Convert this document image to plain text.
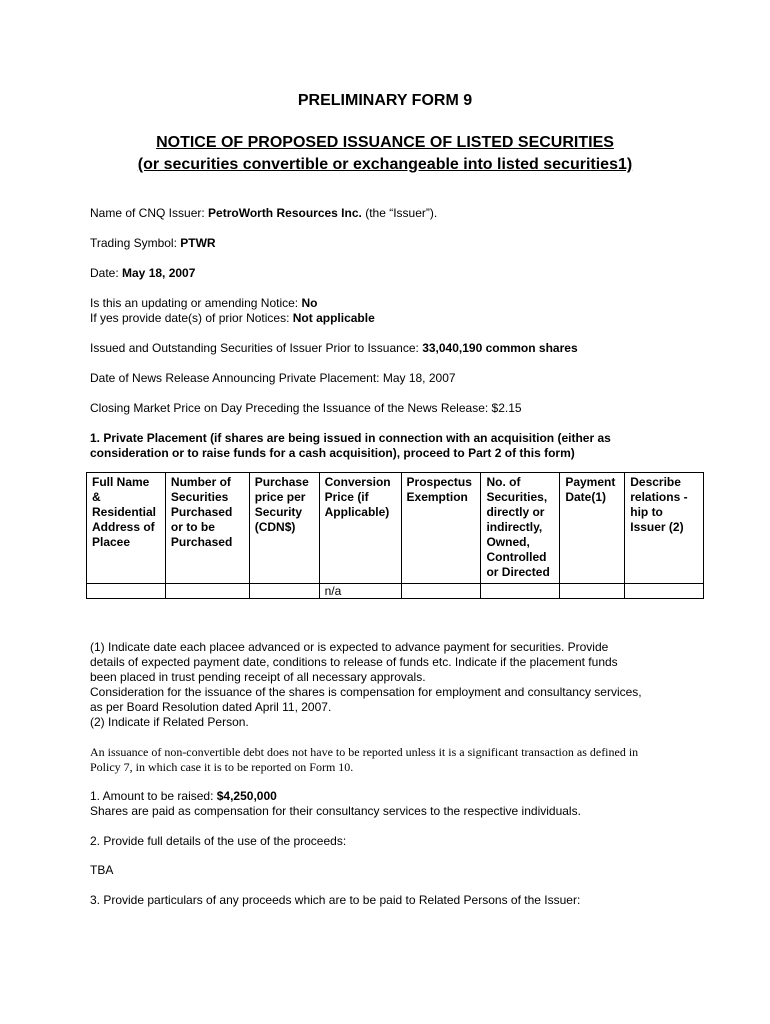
PRELIMINARY FORM 9
NOTICE OF PROPOSED ISSUANCE OF LISTED SECURITIES
(or securities convertible or exchangeable into listed securities1)
Name of CNQ Issuer: PetroWorth Resources Inc. (the “Issuer”).
Trading Symbol: PTWR
Date: May 18, 2007
Is this an updating or amending Notice: No
If yes provide date(s) of prior Notices: Not applicable
Issued and Outstanding Securities of Issuer Prior to Issuance: 33,040,190 common shares
Date of News Release Announcing Private Placement: May 18, 2007
Closing Market Price on Day Preceding the Issuance of the News Release: $2.15
1. Private Placement (if shares are being issued in connection with an acquisition (either as
consideration or to raise funds for a cash acquisition), proceed to Part 2 of this form)
Full Name & Residential Address of Placee	Number of Securities Purchased or to be Purchased	Purchase price per Security (CDN$)	Conversion Price (if Applicable)	Prospectus Exemption	No. of Securities, directly or indirectly, Owned, Controlled or Directed	Payment Date(1)	Describe relations -hip to Issuer (2)
			n/a				
(1) Indicate date each placee advanced or is expected to advance payment for securities. Provide
details of expected payment date, conditions to release of funds etc. Indicate if the placement funds
been placed in trust pending receipt of all necessary approvals.
Consideration for the issuance of the shares is compensation for employment and consultancy services,
as per Board Resolution dated April 11, 2007.
(2) Indicate if Related Person.
An issuance of non-convertible debt does not have to be reported unless it is a significant transaction as defined in
Policy 7, in which case it is to be reported on Form 10.
1. Amount to be raised: $4,250,000
Shares are paid as compensation for their consultancy services to the respective individuals.
2. Provide full details of the use of the proceeds:
TBA
3. Provide particulars of any proceeds which are to be paid to Related Persons of the Issuer:
